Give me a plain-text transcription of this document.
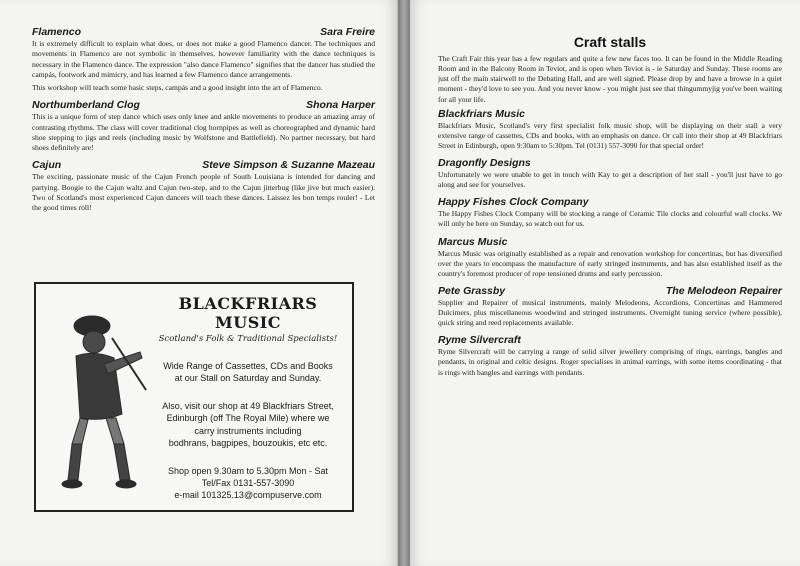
Flamenco	Sara Freire

It is extremely difficult to explain what does, or does not make a good Flamenco dancer. The techniques and movements in Flamenco are not symbolic in themselves, however familiarity with the dance techniques is necessary in the Flamenco dance. The expression "also dance Flamenco" signifies that the dancer has studied the campás, footwork and mimicry, and has learned a few Flamenco dance arrangements.

This workshop will teach some basic steps, campás and a good insight into the art of Flamenco.

Northumberland Clog	Shona Harper

This is a unique form of step dance which uses only knee and ankle movements to produce an amazing array of contrasting rhythms. The class will cover traditional clog hornpipes as well as choreographed and dynamic hard shoe stepping to jigs and reels (including music by Wolfstone and Battlefield). No partner necessary, but hard shoes definitely are!

Cajun	Steve Simpson & Suzanne Mazeau

The exciting, passionate music of the Cajun French people of South Louisiana is intended for dancing and partying. Boogie to the Cajun waltz and Cajun two-step, and to the Cajun jitterbug (like jive but much easier). Two of Scotland's most experienced Cajun dancers will teach these dances. Laissez les bon temps rouler! - Let the good times roll!

BLACKFRIARS MUSIC

Scotland's Folk & Traditional Specialists!

Wide Range of Cassettes, CDs and Books

at our Stall on Saturday and Sunday.

Also, visit our shop at 49 Blackfriars Street,

Edinburgh (off The Royal Mile) where we

carry instruments including

bodhrans, bagpipes, bouzoukis, etc etc.

Shop open 9.30am to 5.30pm Mon - Sat

Tel/Fax 0131-557-3090

e-mail 101325.13@compuserve.com

Craft stalls

The Craft Fair this year has a few regulars and quite a few new faces too. It can be found in the Middle Reading Room and in the Balcony Room in Teviot, and is open when Teviot is - ie Saturday and Sunday. These rooms are just off the main stairwell to the Debating Hall, and are well signed. Please drop by and have a browse in a quiet moment - they'd love to see you. And you never know - you might just see that thingummyjig you've been waiting for all your life.

Blackfriars Music

Blackfriars Music, Scotland's very first specialist folk music shop, will be displaying on their stall a very extensive range of cassettes, CDs and books, with an emphasis on dance. Or call into their shop at 49 Blackfriars Street in Edinburgh, open 9:30am to 5:30pm. Tel (0131) 557-3090 for that special order!

Dragonfly Designs

Unfortunately we were unable to get in touch with Kay to get a description of her stall - you'll just have to go along and see for yourselves.

Happy Fishes Clock Company

The Happy Fishes Clock Company will be stocking a range of Ceramic Tile clocks and colourful wall clocks. We will only be here on Sunday, so watch out for us.

Marcus Music

Marcus Music was originally established as a repair and renovation workshop for concertinas, but has diversified over the years to encompass the manufacture of early stringed instruments, and has also established itself as the country's foremost producer of rope tensioned drums and early percussion.

Pete Grassby	The Melodeon Repairer

Supplier and Repairer of musical instruments, mainly Melodeons, Accordions, Concertinas and Hammered Dulcimers, plus miscellaneous woodwind and stringed instruments. Overnight tuning service (where possible), quick string and reed replacements available.

Ryme Silvercraft

Ryme Silvercraft will be carrying a range of solid silver jewellery comprising of rings, earrings, bangles and pendants, in original and celtic designs. Roger specialises in animal earrings, with some items coordinating - that is rings with bangles and earrings with pendants.
